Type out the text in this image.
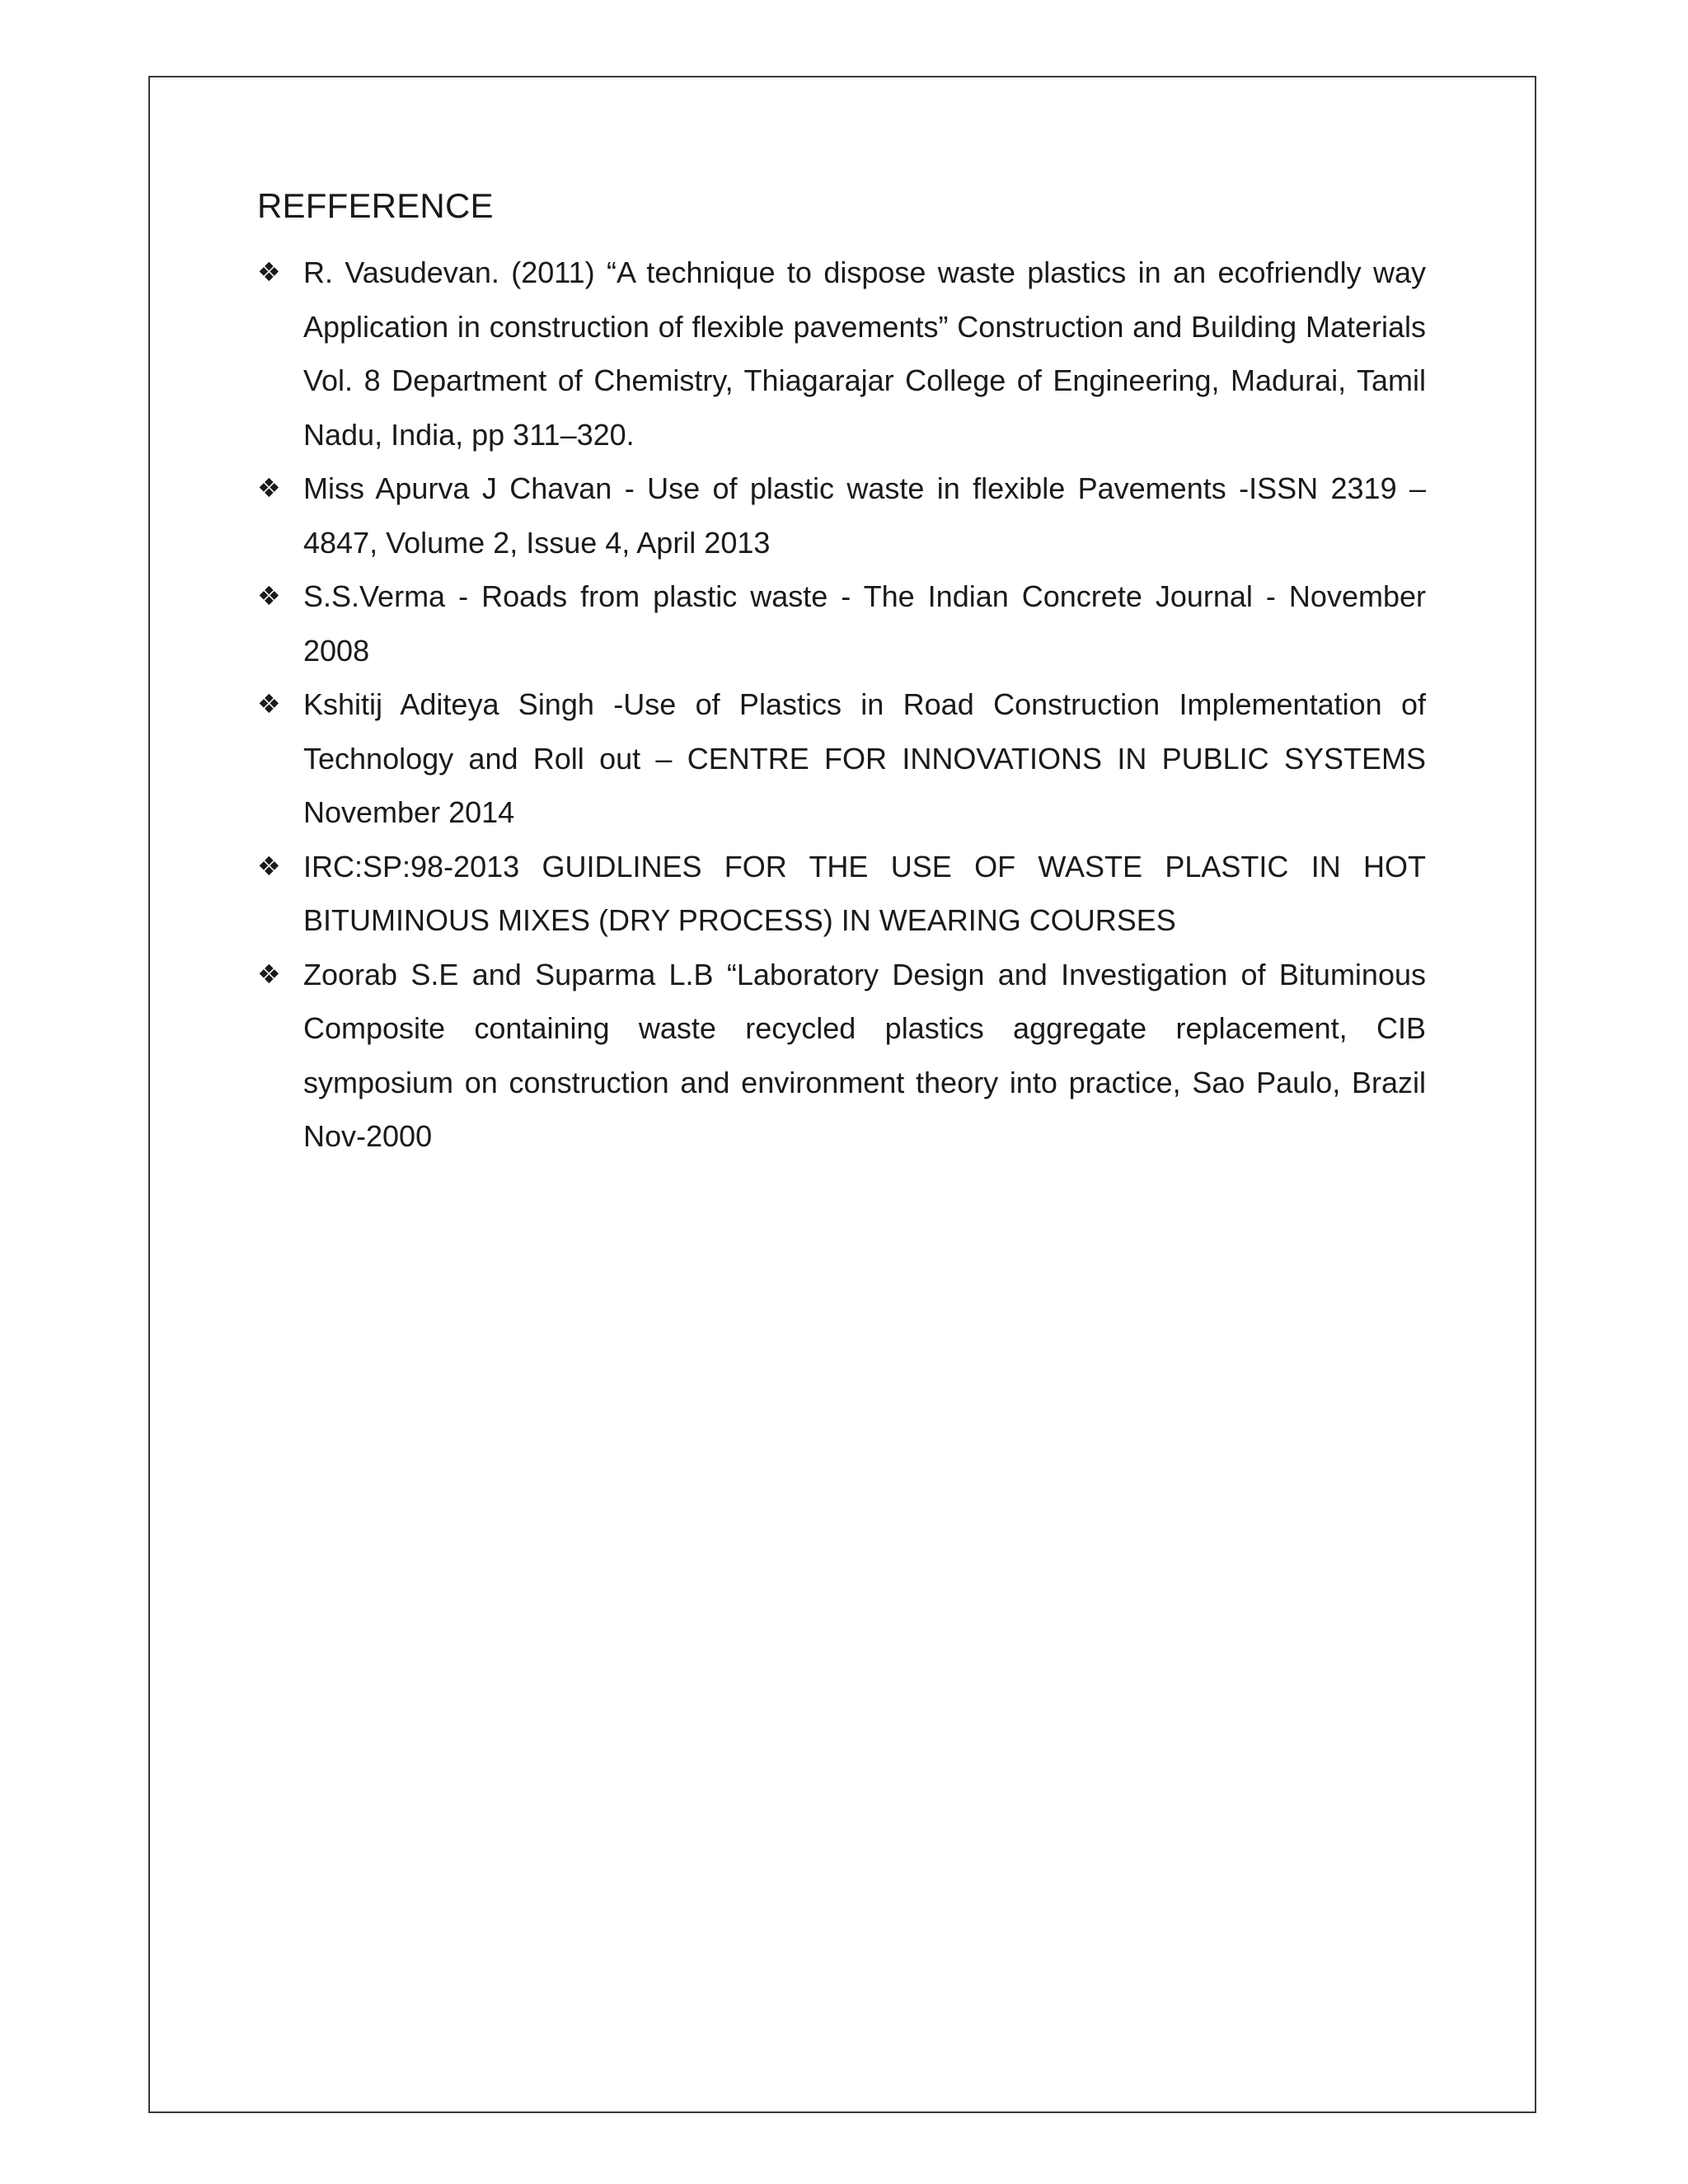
REFFERENCE
❖ R. Vasudevan. (2011) “A technique to dispose waste plastics in an ecofriendly way Application in construction of flexible pavements” Construction and Building Materials Vol. 8 Department of Chemistry, Thiagarajar College of Engineering, Madurai, Tamil Nadu, India, pp 311–320.
❖ Miss Apurva J Chavan - Use of plastic waste in flexible Pavements -ISSN 2319 – 4847, Volume 2, Issue 4, April 2013
❖ S.S.Verma - Roads from plastic waste - The Indian Concrete Journal - November 2008
❖ Kshitij Aditeya Singh -Use of Plastics in Road Construction Implementation of Technology and Roll out – CENTRE FOR INNOVATIONS IN PUBLIC SYSTEMS November 2014
❖ IRC:SP:98-2013 GUIDLINES FOR THE USE OF WASTE PLASTIC IN HOT BITUMINOUS MIXES (DRY PROCESS) IN WEARING COURSES
❖ Zoorab S.E and Suparma L.B “Laboratory Design and Investigation of Bituminous Composite containing waste recycled plastics aggregate replacement, CIB symposium on construction and environment theory into practice, Sao Paulo, Brazil Nov-2000
